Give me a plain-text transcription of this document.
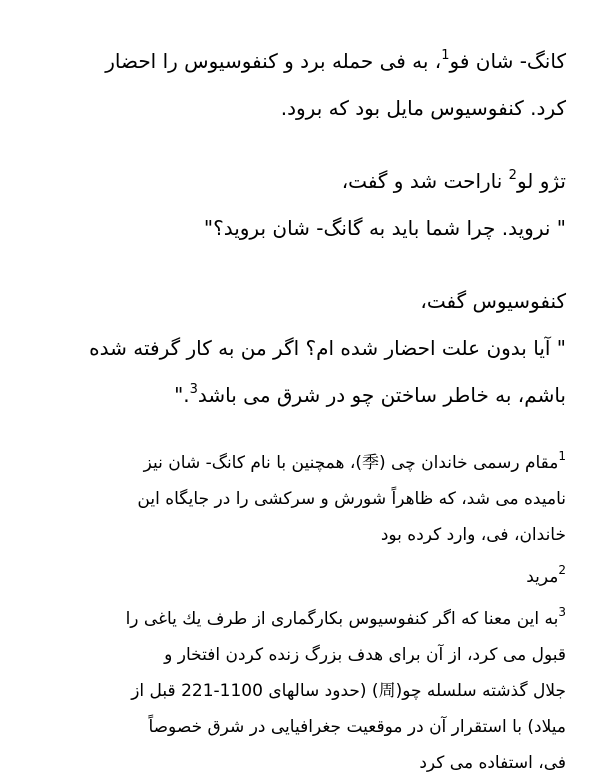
کانگ- شان فو$^1$، به فی حمله برد و کنفوسیوس را احضار
کرد. کنفوسیوس مایل بود که برود.
تژو لو$^2$ ناراحت شد و گفت،
" نروید. چرا شما باید به گانگ- شان بروید؟"
کنفوسیوس گفت،
" آیا بدون علت احضار شده ام؟ اگر من به کار گرفته شده
باشم، به خاطر ساختن چو در شرق می باشد$^3$."
$^1$مقام رسمی خاندان چی (季)، همچنین با نام کانگ- شان نیز
نامیده می شد، که ظاهراً شورش و سرکشی را در جایگاه این
خاندان، فی، وارد کرده بود
$^2$مرید
$^3$به این معنا که اگر کنفوسیوس بکارگماری از طرف یك یاغی را
قبول می کرد، از آن برای هدف بزرگ زنده کردن افتخار و
جلال گذشته سلسله چو(周) (حدود سالهای 1100-221 قبل از
میلاد) با استقرار آن در موقعیت جغرافیایی در شرق خصوصاً
فی، استفاده می کرد
